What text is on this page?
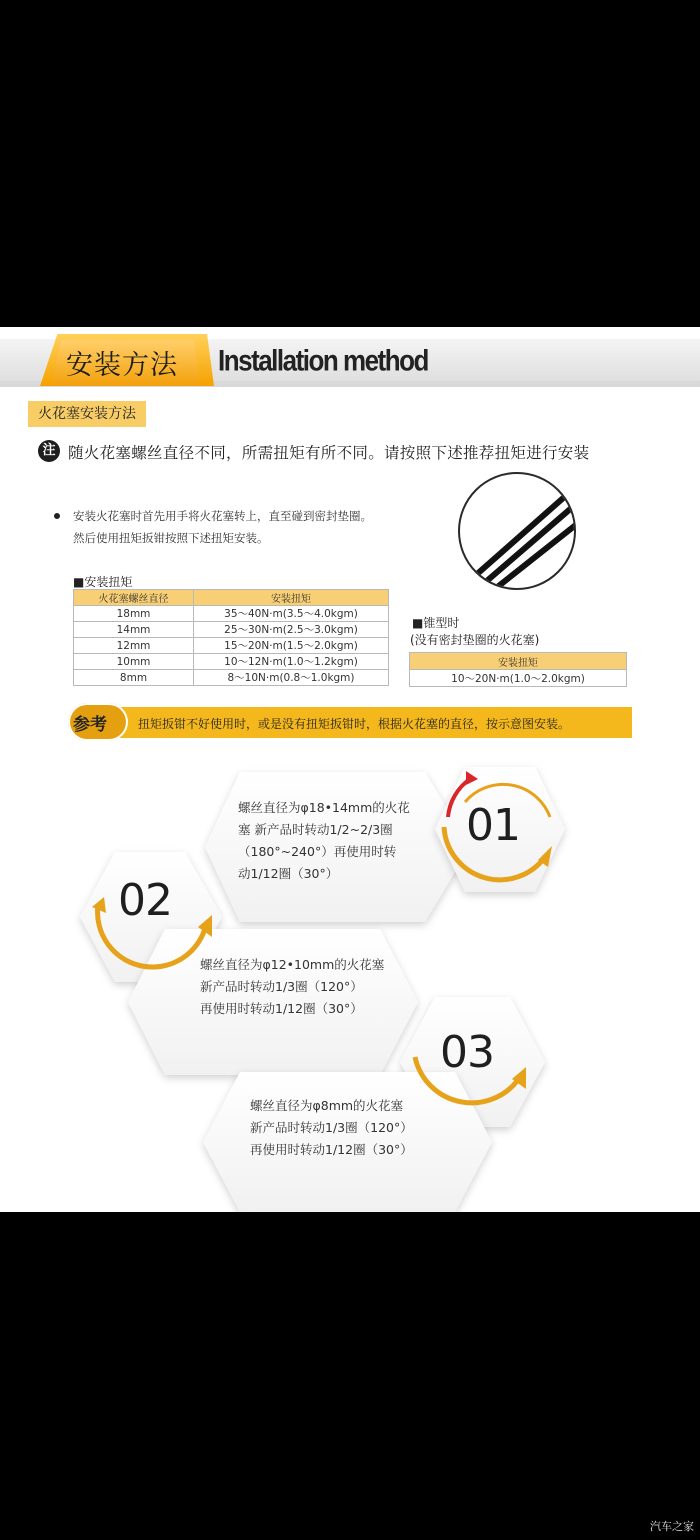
安装方法 Installation method
火花塞安装方法
注 随火花塞螺丝直径不同，所需扭矩有所不同。请按照下述推荐扭矩进行安装
安装火花塞时首先用手将火花塞转上，直至碰到密封垫圈。
然后使用扭矩扳钳按照下述扭矩安装。
■安装扭矩
火花塞螺丝直径	安装扭矩
18mm	35～40N·m(3.5～4.0kgm)
14mm	25～30N·m(2.5～3.0kgm)
12mm	15～20N·m(1.5～2.0kgm)
10mm	10～12N·m(1.0～1.2kgm)
8mm	8～10N·m(0.8～1.0kgm)
■锥型时
(没有密封垫圈的火花塞)
安装扭矩
10～20N·m(1.0～2.0kgm)
参考	扭矩扳钳不好使用时，或是没有扭矩扳钳时，根据火花塞的直径，按示意图安装。
01
螺丝直径为φ18•14mm的火花
塞 新产品时转动1/2~2/3圈
（180°~240°）再使用时转
动1/12圈（30°）
02
螺丝直径为φ12•10mm的火花塞
新产品时转动1/3圈（120°）
再使用时转动1/12圈（30°）
03
螺丝直径为φ8mm的火花塞
新产品时转动1/3圈（120°）
再使用时转动1/12圈（30°）
汽车之家
